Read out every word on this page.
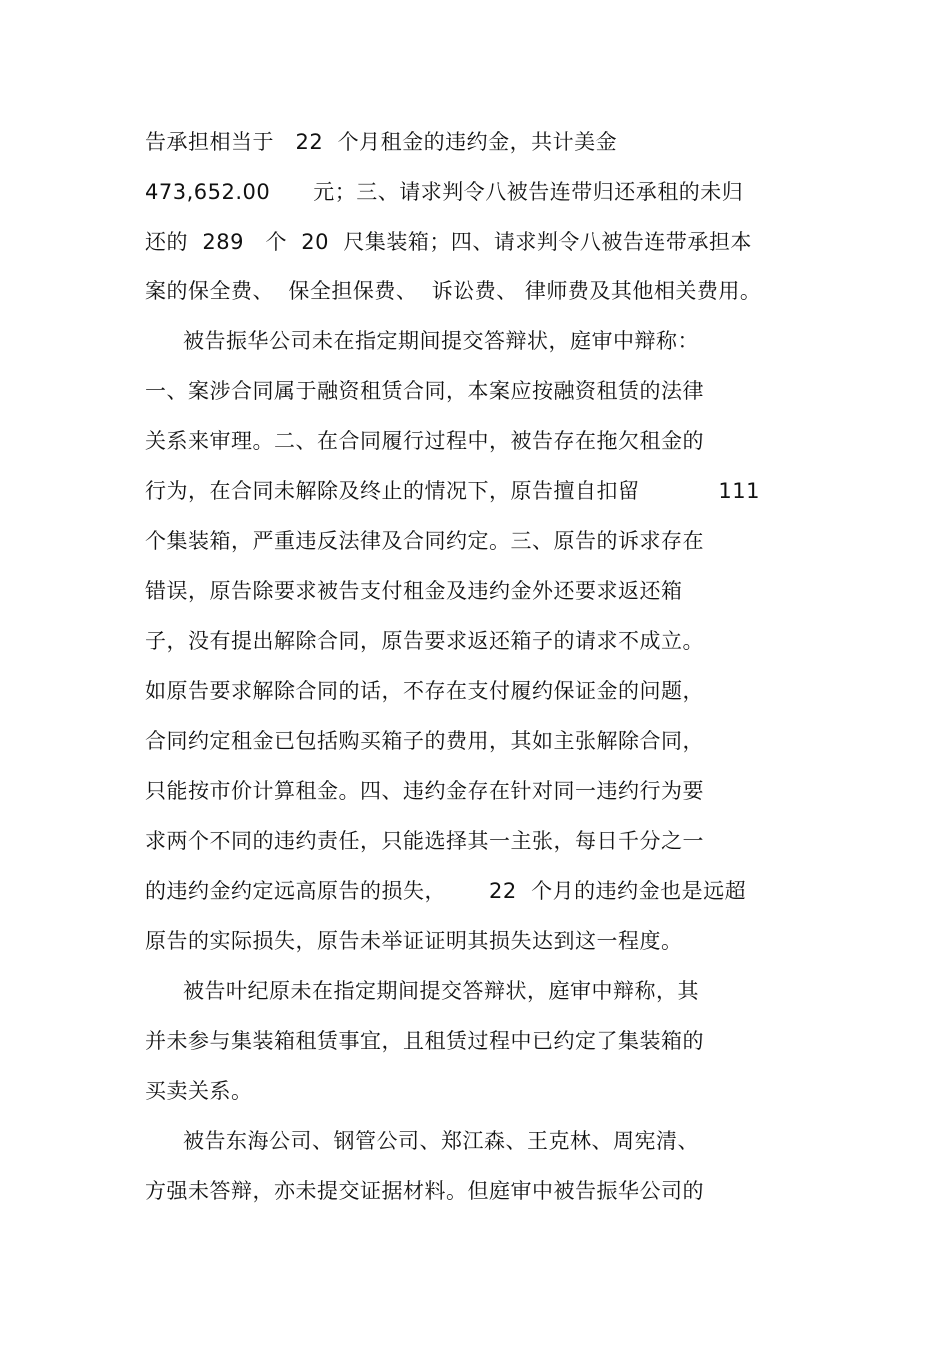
告承担相当于   22  个月租金的违约金，共计美金
473,652.00      元；三、请求判令八被告连带归还承租的未归
还的  289   个  20  尺集装箱；四、请求判令八被告连带承担本
案的保全费、  保全担保费、  诉讼费、 律师费及其他相关费用。
被告振华公司未在指定期间提交答辩状，庭审中辩称：
一、案涉合同属于融资租赁合同，本案应按融资租赁的法律
关系来审理。二、在合同履行过程中，被告存在拖欠租金的
行为，在合同未解除及终止的情况下，原告擅自扣留           111
个集装箱，严重违反法律及合同约定。三、原告的诉求存在
错误，原告除要求被告支付租金及违约金外还要求返还箱
子，没有提出解除合同，原告要求返还箱子的请求不成立。
如原告要求解除合同的话，不存在支付履约保证金的问题，
合同约定租金已包括购买箱子的费用，其如主张解除合同，
只能按市价计算租金。四、违约金存在针对同一违约行为要
求两个不同的违约责任，只能选择其一主张，每日千分之一
的违约金约定远高原告的损失，      22  个月的违约金也是远超
原告的实际损失，原告未举证证明其损失达到这一程度。
被告叶纪原未在指定期间提交答辩状，庭审中辩称，其
并未参与集装箱租赁事宜，且租赁过程中已约定了集装箱的
买卖关系。
被告东海公司、钢管公司、郑江森、王克林、周宪清、
方强未答辩，亦未提交证据材料。但庭审中被告振华公司的
